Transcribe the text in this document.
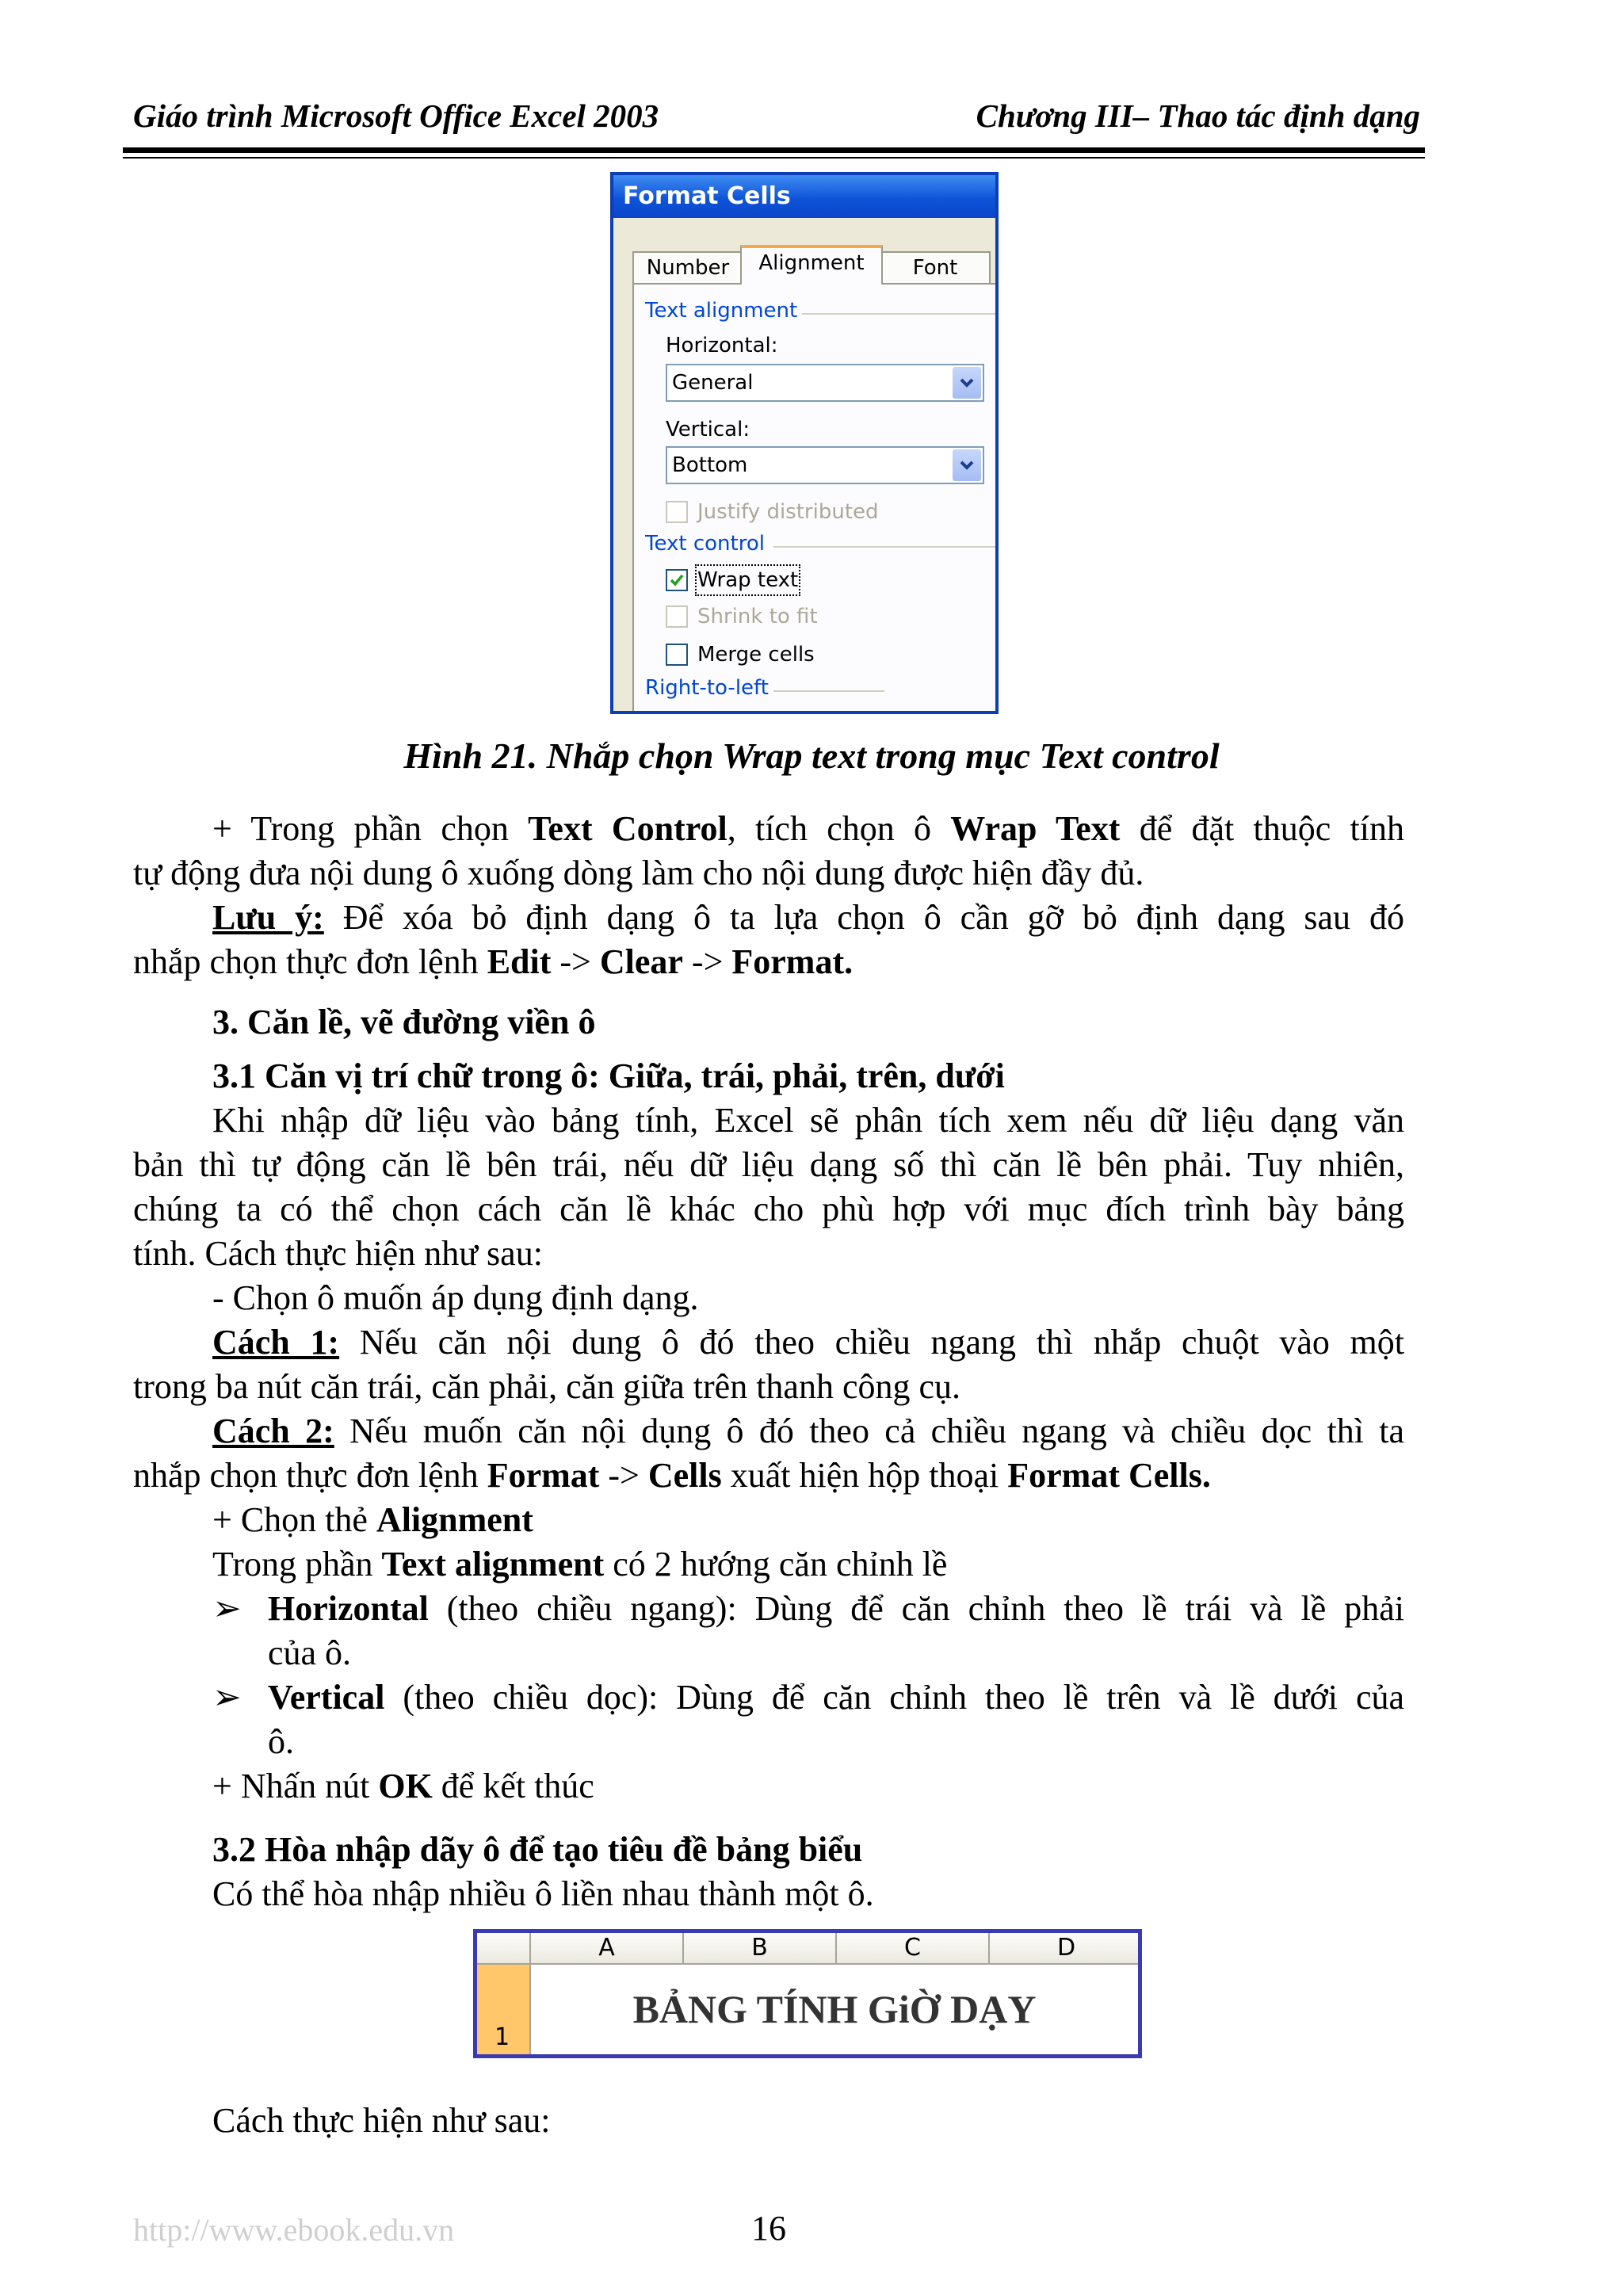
Giáo trình Microsoft Office Excel 2003	Chương III– Thao tác định dạng
Format Cells
Number	Alignment	Font
Text alignment
Horizontal:
General
Vertical:
Bottom
Justify distributed
Text control
Wrap text
Shrink to fit
Merge cells
Right-to-left
Hình 21. Nhắp chọn Wrap text trong mục Text control

+ Trong phần chọn Text Control, tích chọn ô Wrap Text để đặt thuộc tính

tự động đưa nội dung ô xuống dòng làm cho nội dung được hiện đầy đủ.

Lưu ý: Để xóa bỏ định dạng ô ta lựa chọn ô cần gỡ bỏ định dạng sau đó

nhắp chọn thực đơn lệnh Edit -> Clear -> Format.

3. Căn lề, vẽ đường viền ô

3.1 Căn vị trí chữ trong ô: Giữa, trái, phải, trên, dưới

Khi nhập dữ liệu vào bảng tính, Excel sẽ phân tích xem nếu dữ liệu dạng văn

bản thì tự động căn lề bên trái, nếu dữ liệu dạng số thì căn lề bên phải. Tuy nhiên,

chúng ta có thể chọn cách căn lề khác cho phù hợp với mục đích trình bày bảng

tính. Cách thực hiện như sau:

- Chọn ô muốn áp dụng định dạng.

Cách 1: Nếu căn nội dung ô đó theo chiều ngang thì nhắp chuột vào một

trong ba nút căn trái, căn phải, căn giữa trên thanh công cụ.

Cách 2: Nếu muốn căn nội dụng ô đó theo cả chiều ngang và chiều dọc thì ta

nhắp chọn thực đơn lệnh Format -> Cells xuất hiện hộp thoại Format Cells.

+ Chọn thẻ Alignment

Trong phần Text alignment có 2 hướng căn chỉnh lề

➢ Horizontal (theo chiều ngang): Dùng để căn chỉnh theo lề trái và lề phải

của ô.

➢ Vertical (theo chiều dọc): Dùng để căn chỉnh theo lề trên và lề dưới của

ô.

+ Nhấn nút OK để kết thúc

3.2 Hòa nhập dãy ô để tạo tiêu đề bảng biểu

Có thể hòa nhập nhiều ô liền nhau thành một ô.

A	B	C	D
1
BẢNG TÍNH GiỜ DẠY

Cách thực hiện như sau:

http://www.ebook.edu.vn	16
